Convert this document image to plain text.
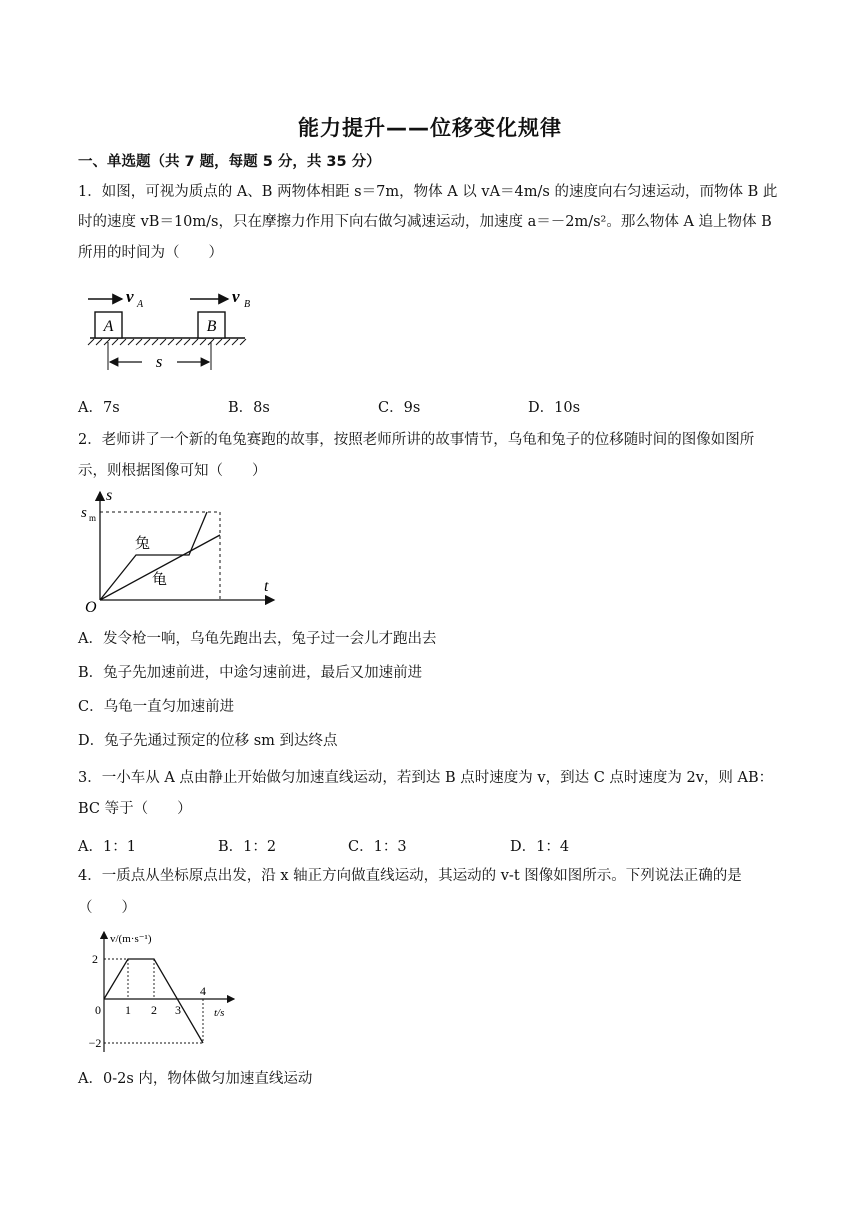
能力提升——位移变化规律
一、单选题（共 7 题，每题 5 分，共 35 分）
1．如图，可视为质点的 A、B 两物体相距 s＝7m，物体 A 以 vA＝4m/s 的速度向右匀速运动，而物体 B 此
时的速度 vB＝10m/s，只在摩擦力作用下向右做匀减速运动，加速度 a＝－2m/s²。那么物体 A 追上物体 B
所用的时间为（　　）
A	B
v A	v B
s
A．7s	B．8s	C．9s	D．10s
2．老师讲了一个新的龟兔赛跑的故事，按照老师所讲的故事情节，乌龟和兔子的位移随时间的图像如图所
示，则根据图像可知（　　）
s
s m
t
O
兔
龟
A．发令枪一响，乌龟先跑出去，兔子过一会儿才跑出去
B．兔子先加速前进，中途匀速前进，最后又加速前进
C．乌龟一直匀加速前进
D．兔子先通过预定的位移 sm 到达终点
3．一小车从 A 点由静止开始做匀加速直线运动，若到达 B 点时速度为 v，到达 C 点时速度为 2v，则 AB：
BC 等于（　　）
A．1：1	B．1：2	C．1：3	D．1：4
4．一质点从坐标原点出发，沿 x 轴正方向做直线运动，其运动的 v-t 图像如图所示。下列说法正确的是
（　　）
v/(m·s⁻¹)
t/s
2
−2
0 1 2 3
4
A．0-2s 内，物体做匀加速直线运动
